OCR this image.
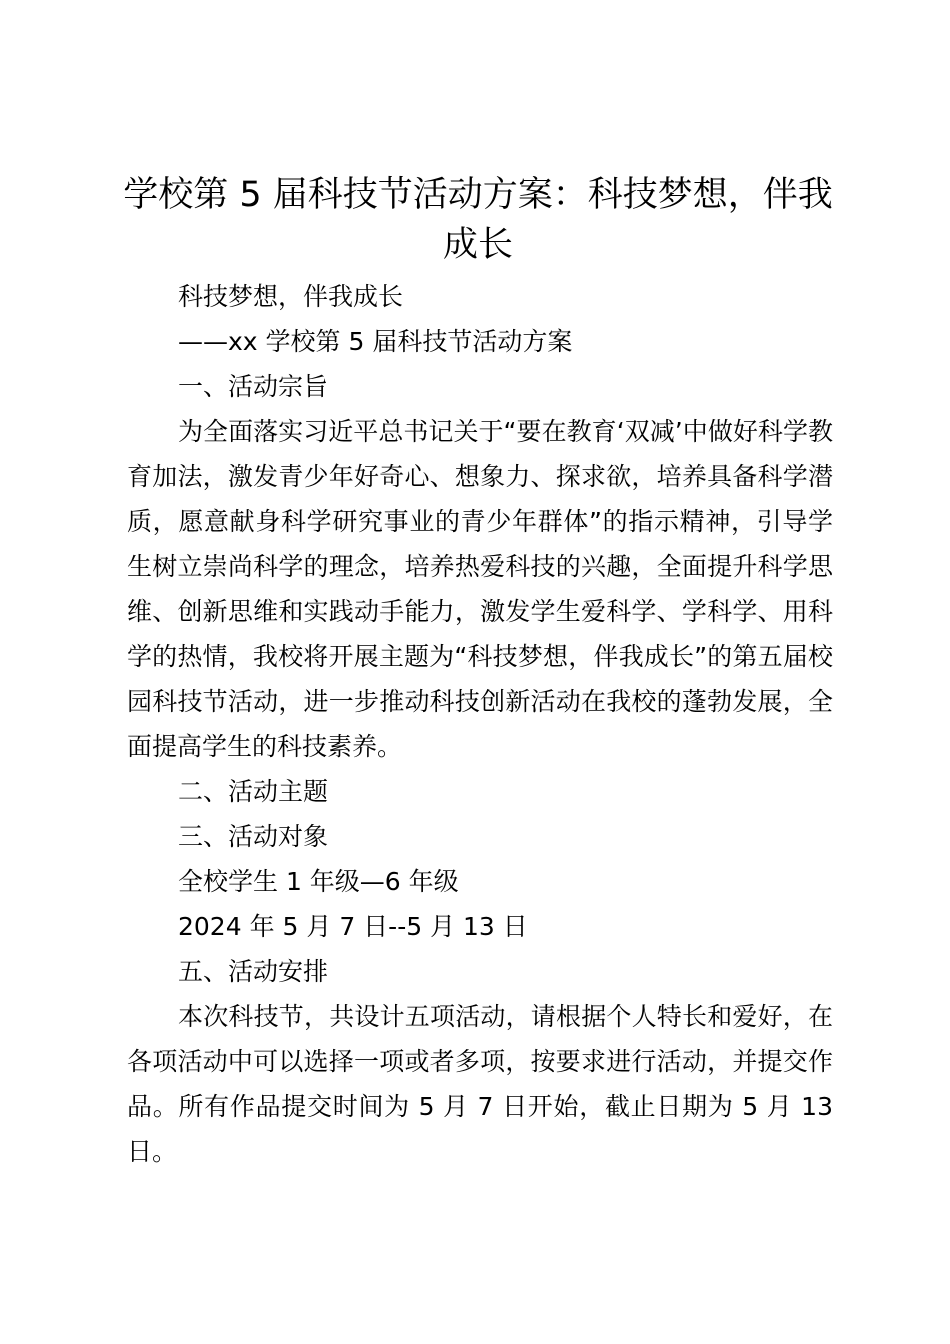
学校第 5 届科技节活动方案：科技梦想，伴我成长

科技梦想，伴我成长

——xx 学校第 5 届科技节活动方案

一、活动宗旨

为全面落实习近平总书记关于“要在教育‘双减’中做好科学教育加法，激发青少年好奇心、想象力、探求欲，培养具备科学潜质，愿意献身科学研究事业的青少年群体”的指示精神，引导学生树立崇尚科学的理念，培养热爱科技的兴趣，全面提升科学思维、创新思维和实践动手能力，激发学生爱科学、学科学、用科学的热情，我校将开展主题为“科技梦想，伴我成长”的第五届校园科技节活动，进一步推动科技创新活动在我校的蓬勃发展，全面提高学生的科技素养。

二、活动主题

三、活动对象

全校学生 1 年级—6 年级

2024 年 5 月 7 日--5 月 13 日

五、活动安排

本次科技节，共设计五项活动，请根据个人特长和爱好，在各项活动中可以选择一项或者多项，按要求进行活动，并提交作品。所有作品提交时间为 5 月 7 日开始，截止日期为 5 月 13 日。
